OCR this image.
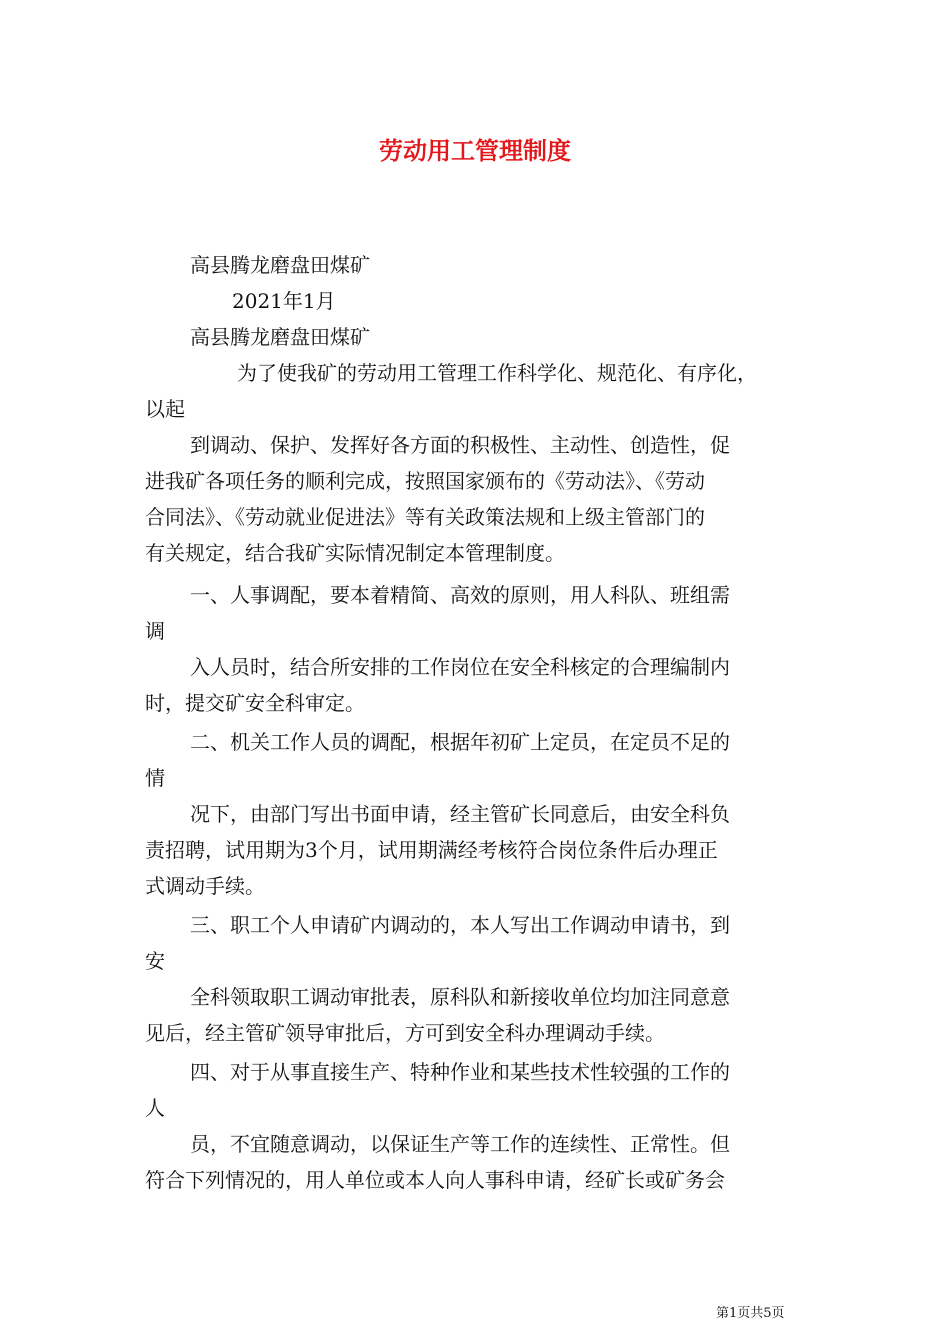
劳动用工管理制度
高县腾龙磨盘田煤矿
2021年1月
高县腾龙磨盘田煤矿
为了使我矿的劳动用工管理工作科学化、规范化、有序化，
以起
到调动、保护、发挥好各方面的积极性、主动性、创造性，促
进我矿各项任务的顺利完成，按照国家颁布的《劳动法》、《劳动
合同法》、《劳动就业促进法》等有关政策法规和上级主管部门的
有关规定，结合我矿实际情况制定本管理制度。
一、人事调配，要本着精简、高效的原则，用人科队、班组需
调
入人员时，结合所安排的工作岗位在安全科核定的合理编制内
时，提交矿安全科审定。
二、机关工作人员的调配，根据年初矿上定员，在定员不足的
情
况下，由部门写出书面申请，经主管矿长同意后，由安全科负
责招聘，试用期为3个月，试用期满经考核符合岗位条件后办理正
式调动手续。
三、职工个人申请矿内调动的，本人写出工作调动申请书，到
安
全科领取职工调动审批表，原科队和新接收单位均加注同意意
见后，经主管矿领导审批后，方可到安全科办理调动手续。
四、对于从事直接生产、特种作业和某些技术性较强的工作的
人
员，不宜随意调动，以保证生产等工作的连续性、正常性。但
符合下列情况的，用人单位或本人向人事科申请，经矿长或矿务会
第1页共5页
